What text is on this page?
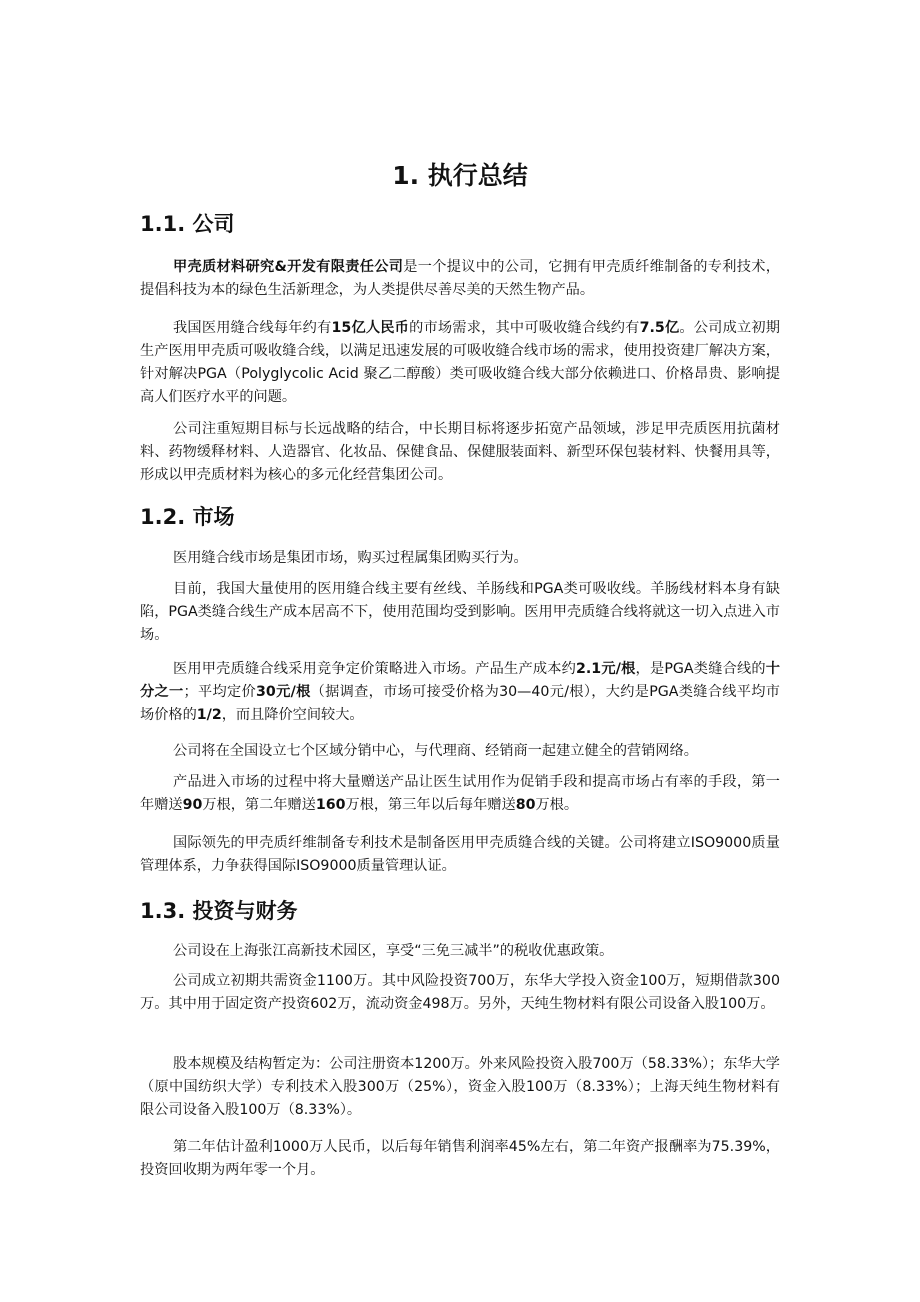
1. 执行总结
1.1. 公司

甲壳质材料研究&开发有限责任公司是一个提议中的公司，它拥有甲壳质纤维制备的专利技术，提倡科技为本的绿色生活新理念，为人类提供尽善尽美的天然生物产品。

我国医用缝合线每年约有15亿人民币的市场需求，其中可吸收缝合线约有7.5亿。公司成立初期生产医用甲壳质可吸收缝合线，以满足迅速发展的可吸收缝合线市场的需求，使用投资建厂解决方案，针对解决PGA（Polyglycolic Acid 聚乙二醇酸）类可吸收缝合线大部分依赖进口、价格昂贵、影响提高人们医疗水平的问题。

公司注重短期目标与长远战略的结合，中长期目标将逐步拓宽产品领域，涉足甲壳质医用抗菌材料、药物缓释材料、人造器官、化妆品、保健食品、保健服装面料、新型环保包装材料、快餐用具等，形成以甲壳质材料为核心的多元化经营集团公司。

1.2. 市场

医用缝合线市场是集团市场，购买过程属集团购买行为。

目前，我国大量使用的医用缝合线主要有丝线、羊肠线和PGA类可吸收线。羊肠线材料本身有缺陷，PGA类缝合线生产成本居高不下，使用范围均受到影响。医用甲壳质缝合线将就这一切入点进入市场。

医用甲壳质缝合线采用竞争定价策略进入市场。产品生产成本约2.1元/根，是PGA类缝合线的十分之一；平均定价30元/根（据调查，市场可接受价格为30—40元/根），大约是PGA类缝合线平均市场价格的1/2，而且降价空间较大。

公司将在全国设立七个区域分销中心，与代理商、经销商一起建立健全的营销网络。

产品进入市场的过程中将大量赠送产品让医生试用作为促销手段和提高市场占有率的手段，第一年赠送90万根，第二年赠送160万根，第三年以后每年赠送80万根。

国际领先的甲壳质纤维制备专利技术是制备医用甲壳质缝合线的关键。公司将建立ISO9000质量管理体系，力争获得国际ISO9000质量管理认证。

1.3. 投资与财务

公司设在上海张江高新技术园区，享受“三免三减半”的税收优惠政策。

公司成立初期共需资金1100万。其中风险投资700万，东华大学投入资金100万，短期借款300万。其中用于固定资产投资602万，流动资金498万。另外，天纯生物材料有限公司设备入股100万。

股本规模及结构暂定为：公司注册资本1200万。外来风险投资入股700万（58.33%）；东华大学（原中国纺织大学）专利技术入股300万（25%），资金入股100万（8.33%）；上海天纯生物材料有限公司设备入股100万（8.33%）。

第二年估计盈利1000万人民币，以后每年销售利润率45%左右，第二年资产报酬率为75.39%，投资回收期为两年零一个月。
